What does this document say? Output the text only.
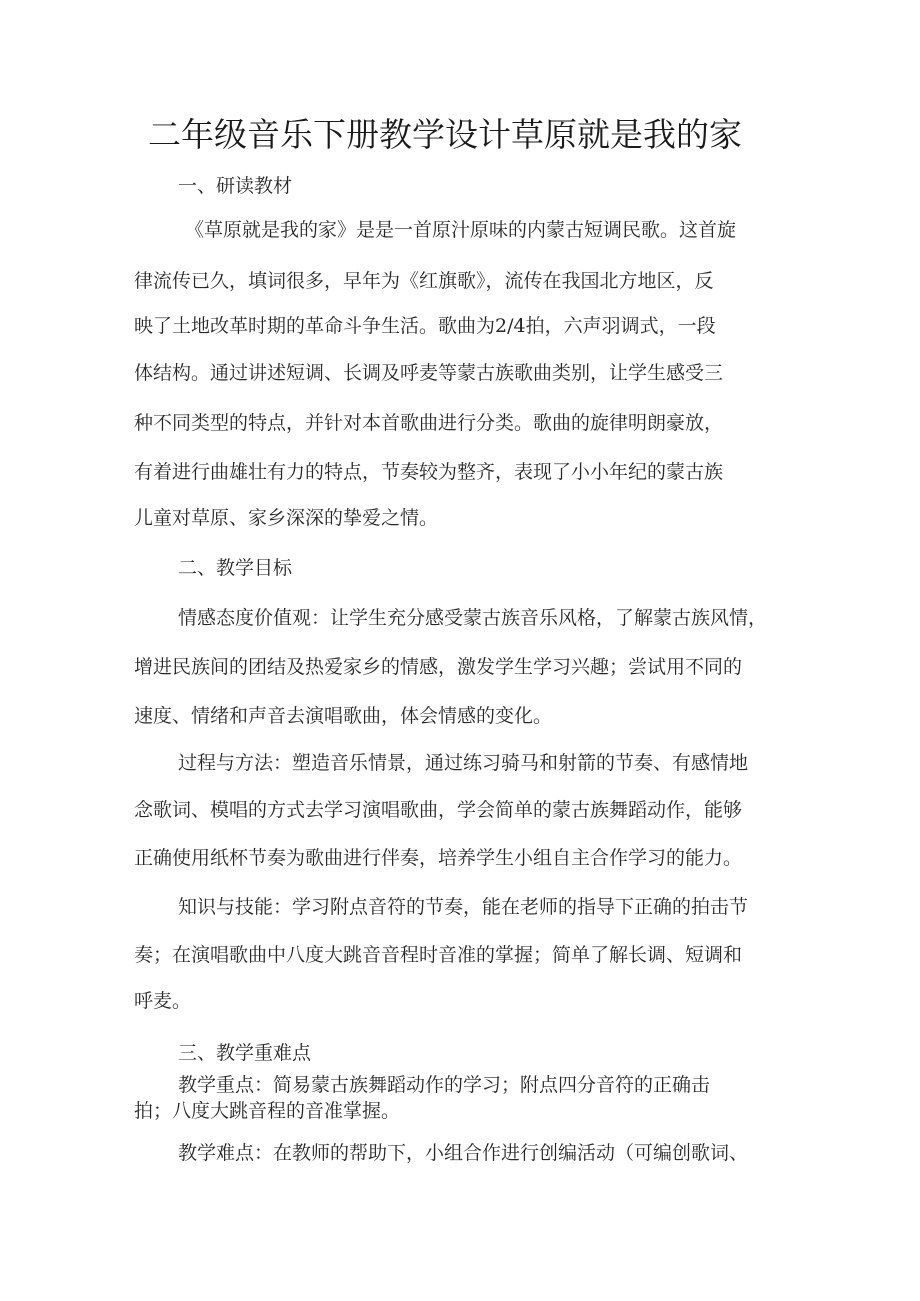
二年级音乐下册教学设计草原就是我的家
一、研读教材
《草原就是我的家》是是一首原汁原味的内蒙古短调民歌。这首旋
律流传已久，填词很多，早年为《红旗歌》，流传在我国北方地区，反
映了土地改革时期的革命斗争生活。歌曲为2/4拍，六声羽调式，一段
体结构。通过讲述短调、长调及呼麦等蒙古族歌曲类别，让学生感受三
种不同类型的特点，并针对本首歌曲进行分类。歌曲的旋律明朗豪放，
有着进行曲雄壮有力的特点，节奏较为整齐，表现了小小年纪的蒙古族
儿童对草原、家乡深深的挚爱之情。
二、教学目标
情感态度价值观：让学生充分感受蒙古族音乐风格，了解蒙古族风情，
增进民族间的团结及热爱家乡的情感，激发学生学习兴趣；尝试用不同的
速度、情绪和声音去演唱歌曲，体会情感的变化。
过程与方法：塑造音乐情景，通过练习骑马和射箭的节奏、有感情地
念歌词、模唱的方式去学习演唱歌曲，学会简单的蒙古族舞蹈动作，能够
正确使用纸杯节奏为歌曲进行伴奏，培养学生小组自主合作学习的能力。
知识与技能：学习附点音符的节奏，能在老师的指导下正确的拍击节
奏；在演唱歌曲中八度大跳音音程时音准的掌握；简单了解长调、短调和
呼麦。
三、教学重难点
教学重点：简易蒙古族舞蹈动作的学习；附点四分音符的正确击
拍；八度大跳音程的音准掌握。
教学难点：在教师的帮助下，小组合作进行创编活动（可编创歌词、
